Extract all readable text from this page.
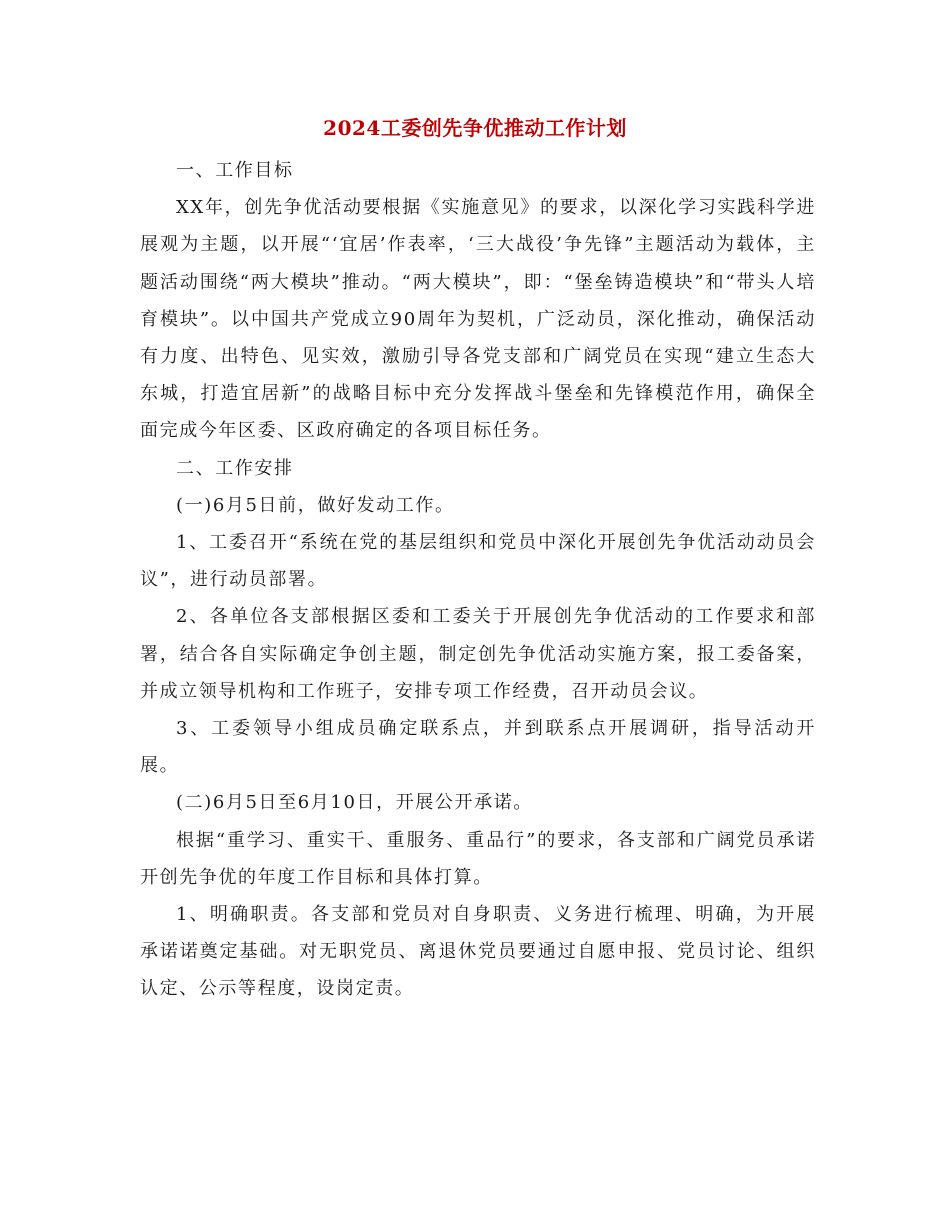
2024工委创先争优推动工作计划

一、工作目标

XX年，创先争优活动要根据《实施意见》的要求，以深化学习实践科学进展观为主题，以开展“‘宜居’作表率，‘三大战役’争先锋”主题活动为载体，主题活动围绕“两大模块”推动。“两大模块”，即：“堡垒铸造模块”和“带头人培育模块”。以中国共产党成立90周年为契机，广泛动员，深化推动，确保活动有力度、出特色、见实效，激励引导各党支部和广阔党员在实现“建立生态大东城，打造宜居新”的战略目标中充分发挥战斗堡垒和先锋模范作用，确保全面完成今年区委、区政府确定的各项目标任务。

二、工作安排

(一)6月5日前，做好发动工作。

1、工委召开“系统在党的基层组织和党员中深化开展创先争优活动动员会议”，进行动员部署。

2、各单位各支部根据区委和工委关于开展创先争优活动的工作要求和部署，结合各自实际确定争创主题，制定创先争优活动实施方案，报工委备案，并成立领导机构和工作班子，安排专项工作经费，召开动员会议。

3、工委领导小组成员确定联系点，并到联系点开展调研，指导活动开展。

(二)6月5日至6月10日，开展公开承诺。

根据“重学习、重实干、重服务、重品行”的要求，各支部和广阔党员承诺开创先争优的年度工作目标和具体打算。

1、明确职责。各支部和党员对自身职责、义务进行梳理、明确，为开展承诺诺奠定基础。对无职党员、离退休党员要通过自愿申报、党员讨论、组织认定、公示等程度，设岗定责。
